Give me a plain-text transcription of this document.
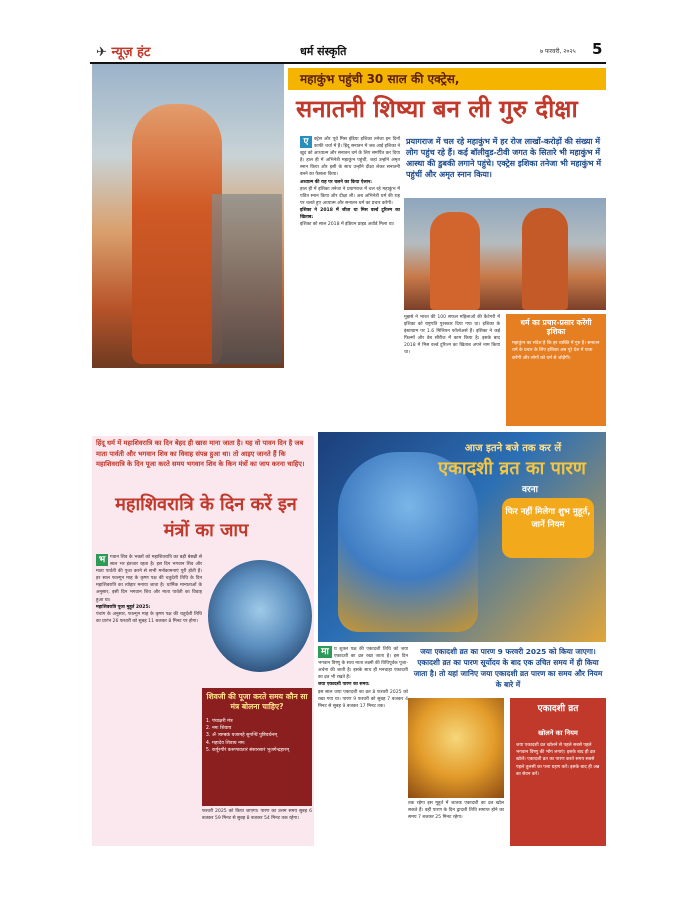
✈ न्यूज़ हंट	धर्म संस्कृति	७ फरवरी, २०२५ 5
महाकुंभ पहुंची 30 साल की एक्ट्रेस,
सनातनी शिष्या बन ली गुरु दीक्षा
ए	क्ट्रेस और पूर्व मिस इंडिया इशिका तनेजा इन दिनों काफी चर्चा में हैं। हिंदू सनातन में जब आई इशिका ने खुद को आध्यात्म और सनातन धर्म के लिए समर्पित कर दिया है। हाल ही में अभिनेत्री महाकुंभ पहुंचीं, जहां उन्होंने अमृत स्नान किया और इसी के साथ उन्होंने दीक्षा लेकर सनातनी बनने का फैसला किया।

अध्यात्म की राह पर चलने का किया ऐलान:

हाल ही में इशिका तनेजा ने प्रयागराज में चल रहे महाकुंभ में पवित्र स्नान किया और दीक्षा ली। अब अभिनेत्री धर्म की राह पर चलते हुए अध्यात्म और सनातन धर्म का प्रचार करेंगी।

इशिका ने 2018 में जीता था मिस वर्ल्ड टूरिज्म का खिताब:

इशिका को साल 2018 में इंडियन प्राइड अवॉर्ड मिला था।

प्रयागराज में चल रहे महाकुंभ में हर रोज लाखों-करोड़ों की संख्या में लोग पहुंच रहे हैं। कई बॉलीवुड-टीवी जगत के सितारे भी महाकुंभ में आस्था की डुबकी लगाने पहुंचे। एक्ट्रेस इशिका तनेजा भी महाकुंभ में पहुंचीं और अमृत स्नान किया।

मुझसे ने भारत की 100 सफल महिलाओं की कैटेगरी में इशिका को राष्ट्रपति पुरस्कार दिया गया था। इशिका के इंस्टाग्राम पर 1.6 मिलियन फॉलोअर्स हैं। इशिका ने कई फिल्मों और वेब सीरीज में काम किया है। इसके बाद 2018 में मिस वर्ल्ड टूरिज्म का खिताब अपने नाम किया था।

धर्म का प्रचार-प्रसार करेंगी इशिका
महाकुंभ का संदेश है कि हर व्यक्ति में गुरु है। सनातन धर्म के प्रचार के लिए इशिका अब पूरे देश में यात्रा करेंगी और लोगों को धर्म से जोड़ेंगी।
हिंदू धर्म में महाशिवरात्रि का दिन बेहद ही खास माना जाता है। यह वो पावन दिन है जब माता पार्वती और भगवान शिव का विवाह संपन्न हुआ था। तो आइए जानते हैं कि महाशिवरात्रि के दिन पूजा करते समय भगवान शिव के किन मंत्रों का जाप करना चाहिए।
महाशिवरात्रि के दिन करें इन मंत्रों का जाप
भ	गवान शिव के भक्तों को महाशिवरात्रि का बड़ी बेसब्री से साल भर इंतजार रहता है। इस दिन भगवान शिव और माता पार्वती की पूजा करने से सभी मनोकामनाएं पूरी होती हैं। हर साल फाल्गुन माह के कृष्ण पक्ष की चतुर्दशी तिथि के दिन महाशिवरात्रि का त्योहार मनाया जाता है। धार्मिक मान्यताओं के अनुसार, इसी दिन भगवान शिव और माता पार्वती का विवाह हुआ था।

महाशिवरात्रि पूजा मुहूर्त 2025:

पंचांग के अनुसार, फाल्गुन माह के कृष्ण पक्ष की चतुर्दशी तिथि का प्रारंभ 26 फरवरी को सुबह 11 बजकर 8 मिनट पर होगा।

शिवजी की पूजा करते समय कौन सा मंत्र बोलना चाहिए?
1. पंचाक्षरी मंत्र
2. नमः शिवाय
3. ॐ त्र्यम्बकं यजामहे सुगन्धिं पुष्टिवर्धनम्
4. महादेव शिवाय नमः
5. कर्पूरगौरं करुणावतारं संसारसारं भुजगेन्द्रहारम्

फरवरी 2025 को किया जाएगा। पारण का उत्तम समय सुबह 6 बजकर 59 मिनट से सुबह 8 बजकर 54 मिनट तक रहेगा।

आज इतने बजे तक कर लें
एकादशी व्रत का पारण
वरना
फिर नहीं मिलेगा शुभ मुहूर्त, जानें नियम
मा	घ शुक्ल पक्ष की एकादशी तिथि को जया एकादशी का व्रत रखा जाता है। इस दिन भगवान विष्णु के साथ माता लक्ष्मी की विधिपूर्वक पूजा-अर्चना की जाती है। इसके साथ ही मनचाहा एकादशी का व्रत भी रखते हैं।

जया एकादशी पारण का समय:

इस साल जया एकादशी का व्रत 8 फरवरी 2025 को रखा गया था। पारण 9 फरवरी को सुबह 7 बजकर 4 मिनट से सुबह 9 बजकर 17 मिनट तक।

जया एकादशी व्रत का पारण 9 फरवरी 2025 को किया जाएगा। एकादशी व्रत का पारण सूर्योदय के बाद एक उचित समय में ही किया जाता है। तो यहां जानिए जया एकादशी व्रत पारण का समय और नियम के बारे में

तक रहेगा इस मुहूर्त में जातक एकादशी का व्रत खोल सकते हैं। वहीं पारण के दिन द्वादशी तिथि समाप्त होने का समय 7 बजकर 25 मिनट रहेगा।

एकादशी व्रत
खोलने का नियम
जया एकादशी व्रत खोलने से पहले सबसे पहले भगवान विष्णु की भोग लगाएं। इसके बाद ही व्रत खोलें। एकादशी व्रत का पारण करते समय सबसे पहले तुलसी का पत्ता ग्रहण करें। इसके बाद ही अन्न का सेवन करें।
